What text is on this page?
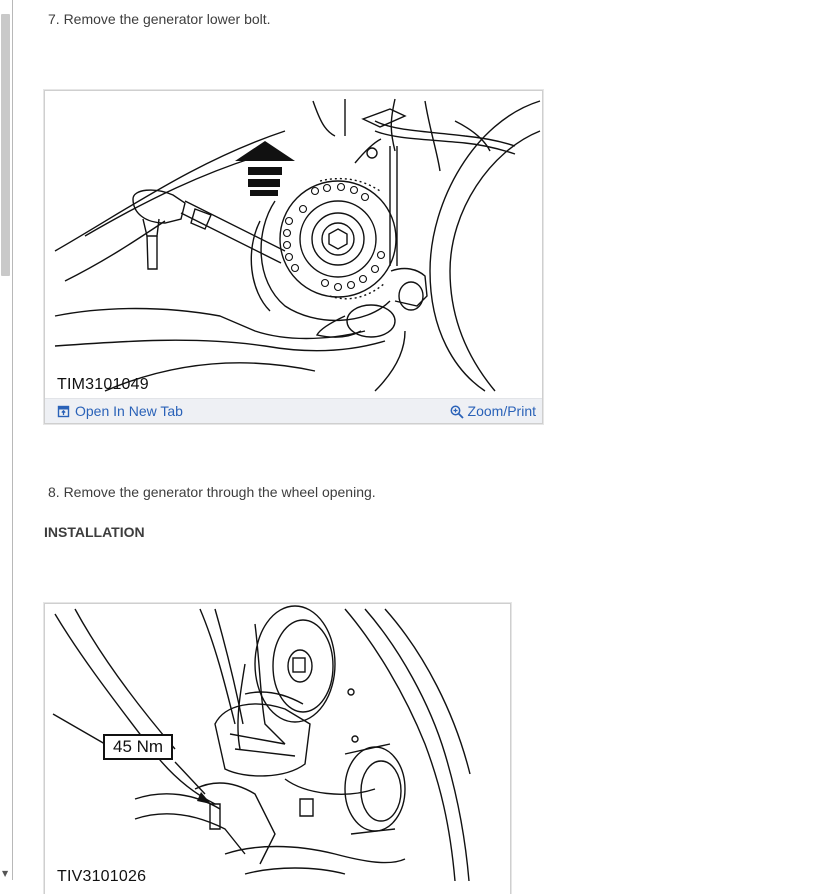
▼
7. Remove the generator lower bolt.
TIM3101049
Open In New Tab	Zoom/Print
8. Remove the generator through the wheel opening.
INSTALLATION
45 Nm
TIV3101026
